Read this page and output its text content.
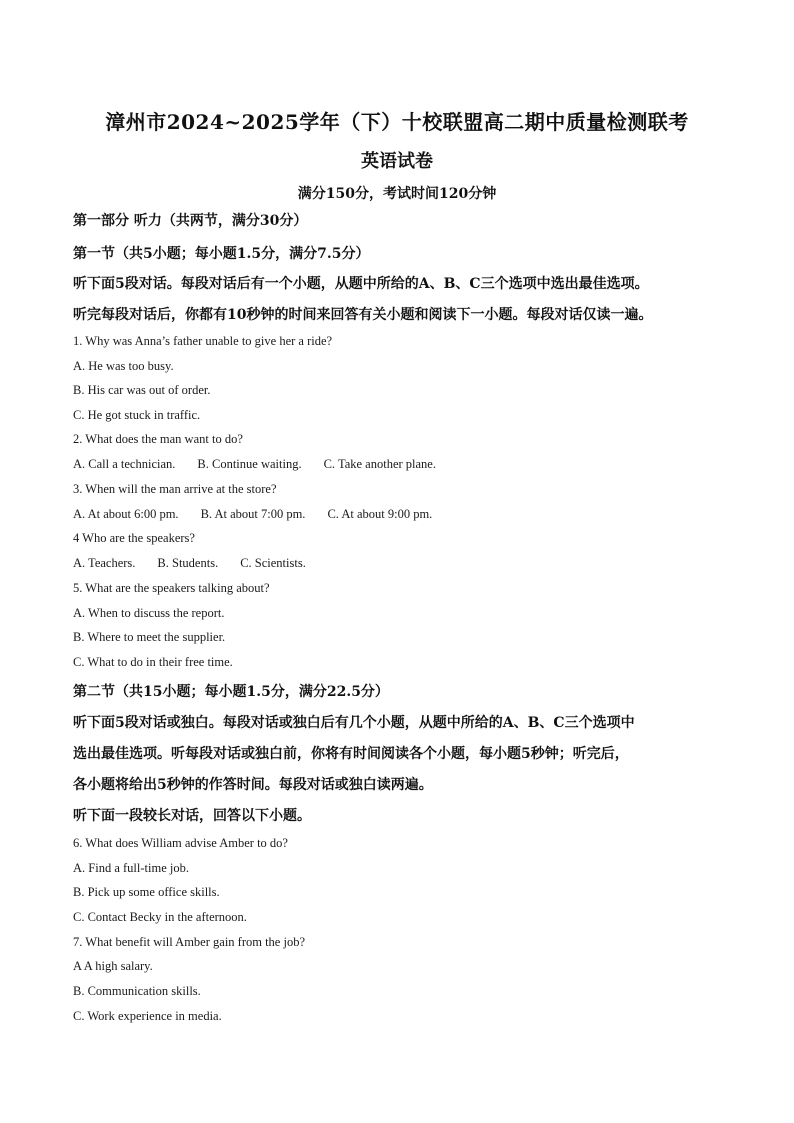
漳州市2024~2025学年（下）十校联盟高二期中质量检测联考
英语试卷
满分150分，考试时间120分钟
第一部分 听力（共两节，满分30分）
第一节（共5小题；每小题1.5分，满分7.5分）
听下面5段对话。每段对话后有一个小题，从题中所给的A、B、C三个选项中选出最佳选项。
听完每段对话后，你都有10秒钟的时间来回答有关小题和阅读下一小题。每段对话仅读一遍。
1. Why was Anna’s father unable to give her a ride?
A. He was too busy.
B. His car was out of order.
C. He got stuck in traffic.
2. What does the man want to do?
A. Call a technician. B. Continue waiting. C. Take another plane.
3. When will the man arrive at the store?
A. At about 6:00 pm. B. At about 7:00 pm. C. At about 9:00 pm.
4 Who are the speakers?
A. Teachers. B. Students. C. Scientists.
5. What are the speakers talking about?
A. When to discuss the report.
B. Where to meet the supplier.
C. What to do in their free time.
第二节（共15小题；每小题1.5分，满分22.5分）
听下面5段对话或独白。每段对话或独白后有几个小题，从题中所给的A、B、C三个选项中
选出最佳选项。听每段对话或独白前，你将有时间阅读各个小题，每小题5秒钟；听完后，
各小题将给出5秒钟的作答时间。每段对话或独白读两遍。
听下面一段较长对话，回答以下小题。
6. What does William advise Amber to do?
A. Find a full-time job.
B. Pick up some office skills.
C. Contact Becky in the afternoon.
7. What benefit will Amber gain from the job?
A A high salary.
B. Communication skills.
C. Work experience in media.
